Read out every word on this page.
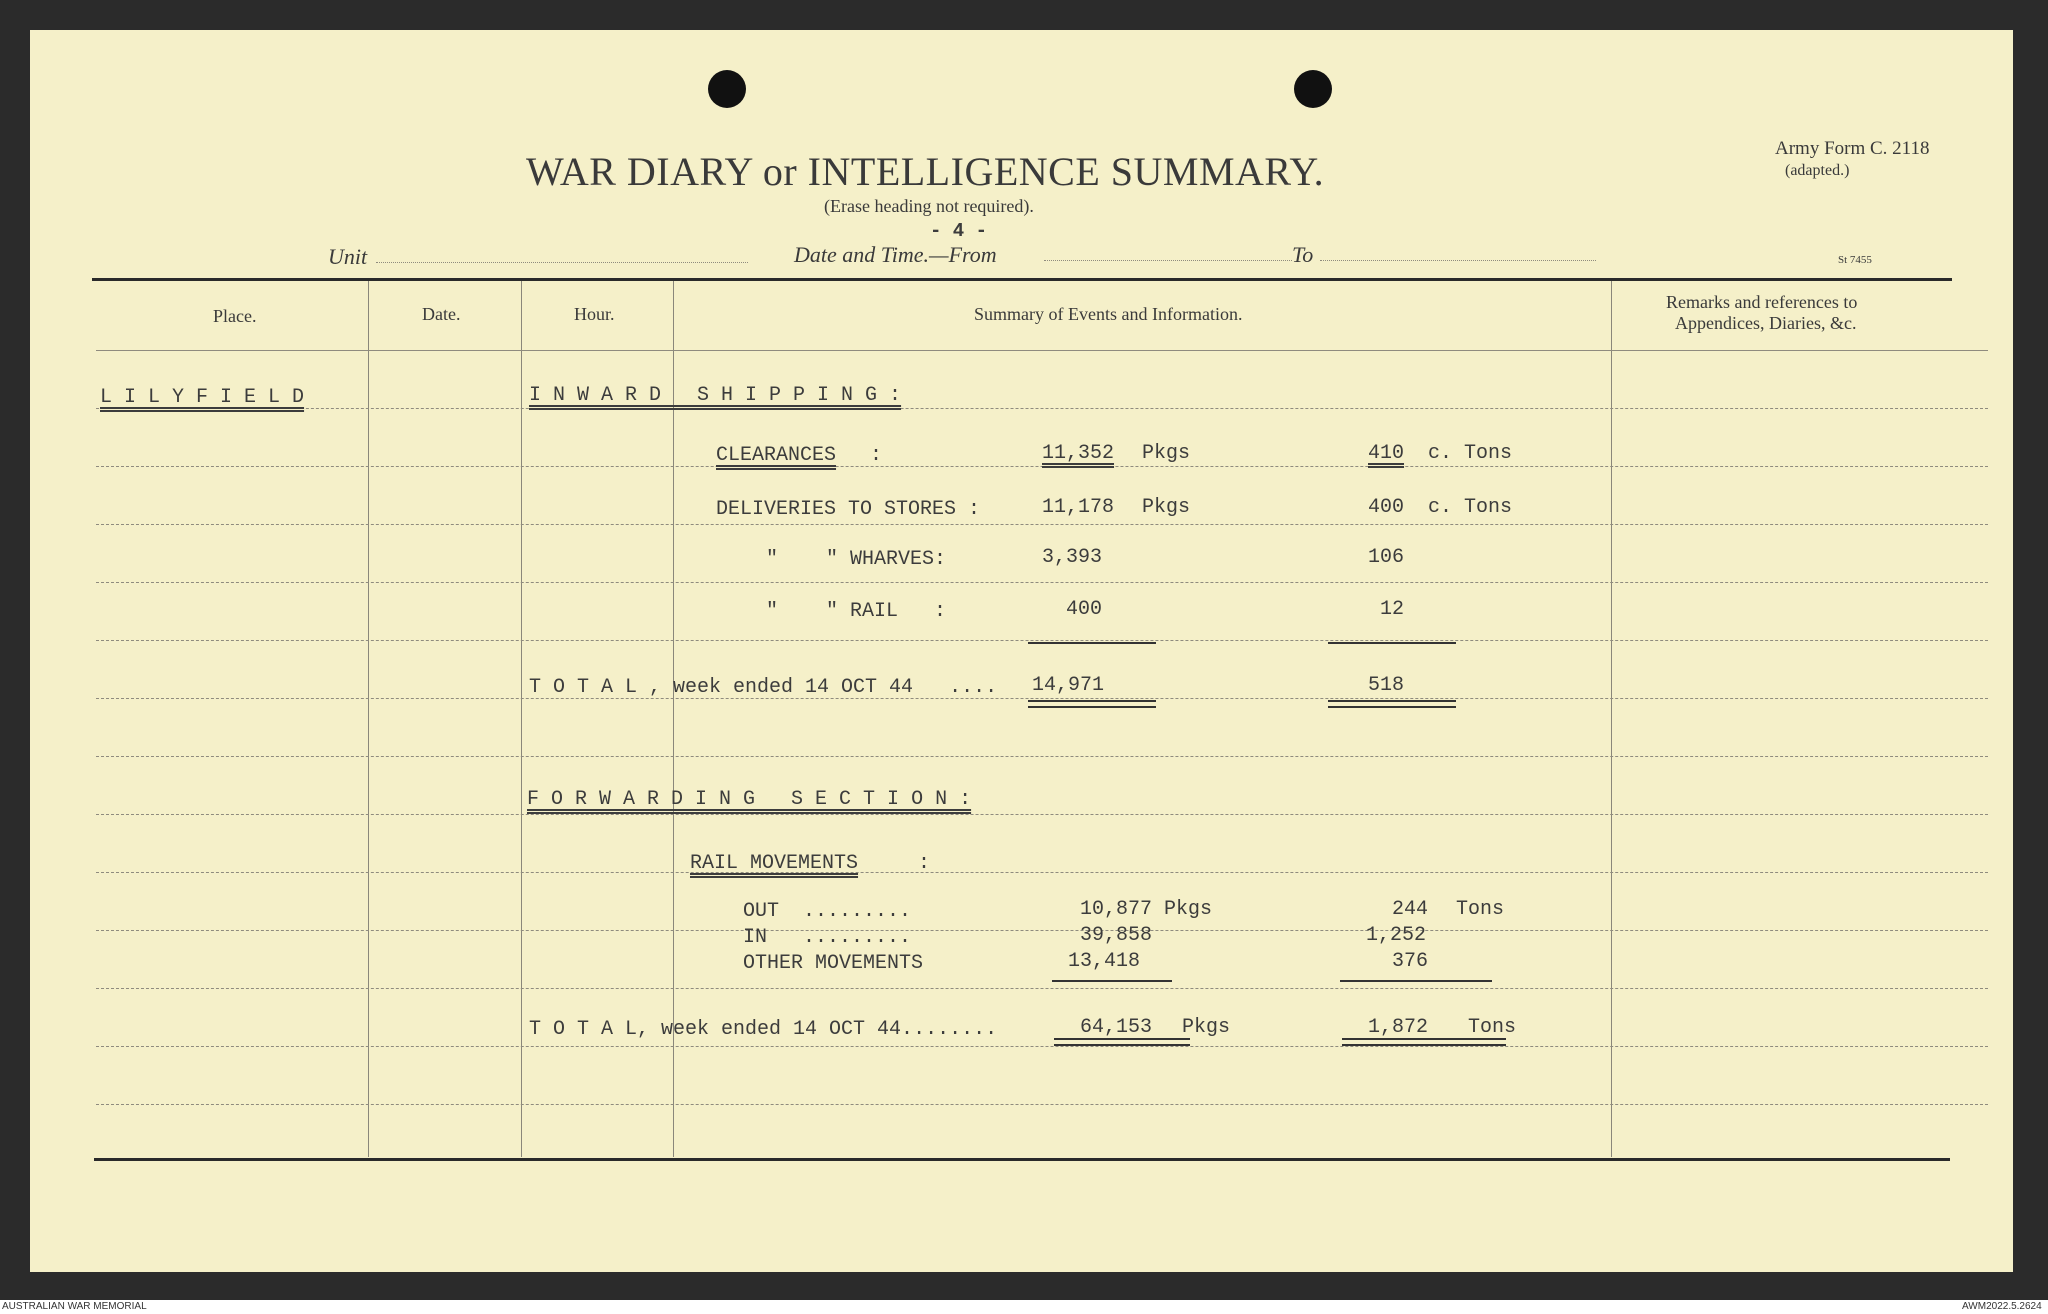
Army Form C. 2118
(adapted.)
WAR DIARY or INTELLIGENCE SUMMARY.
(Erase heading not required).
- 4 -
Unit	Date and Time.—From	To	St 7455
Place.	Date.	Hour.	Summary of Events and Information.
Remarks and references to
Appendices, Diaries, &c.
L I L Y F I E L D	I N W A R D   S H I P P I N G :
CLEARANCES :	11,352 Pkgs	410 c. Tons
DELIVERIES TO STORES :	11,178 Pkgs	400 c. Tons
"    " WHARVES:	3,393	106
"    " RAIL   :	400	12
T O T A L , week ended 14 OCT 44   .... 14,971	518
F O R W A R D I N G   S E C T I O N :
RAIL MOVEMENTS	:
OUT  .........	10,877 Pkgs	244 Tons
IN   .........	39,858	1,252
OTHER MOVEMENTS	13,418	376
T O T A L, week ended 14 OCT 44........	64,153 Pkgs	1,872 Tons
AUSTRALIAN WAR MEMORIAL	AWM2022.5.2624
